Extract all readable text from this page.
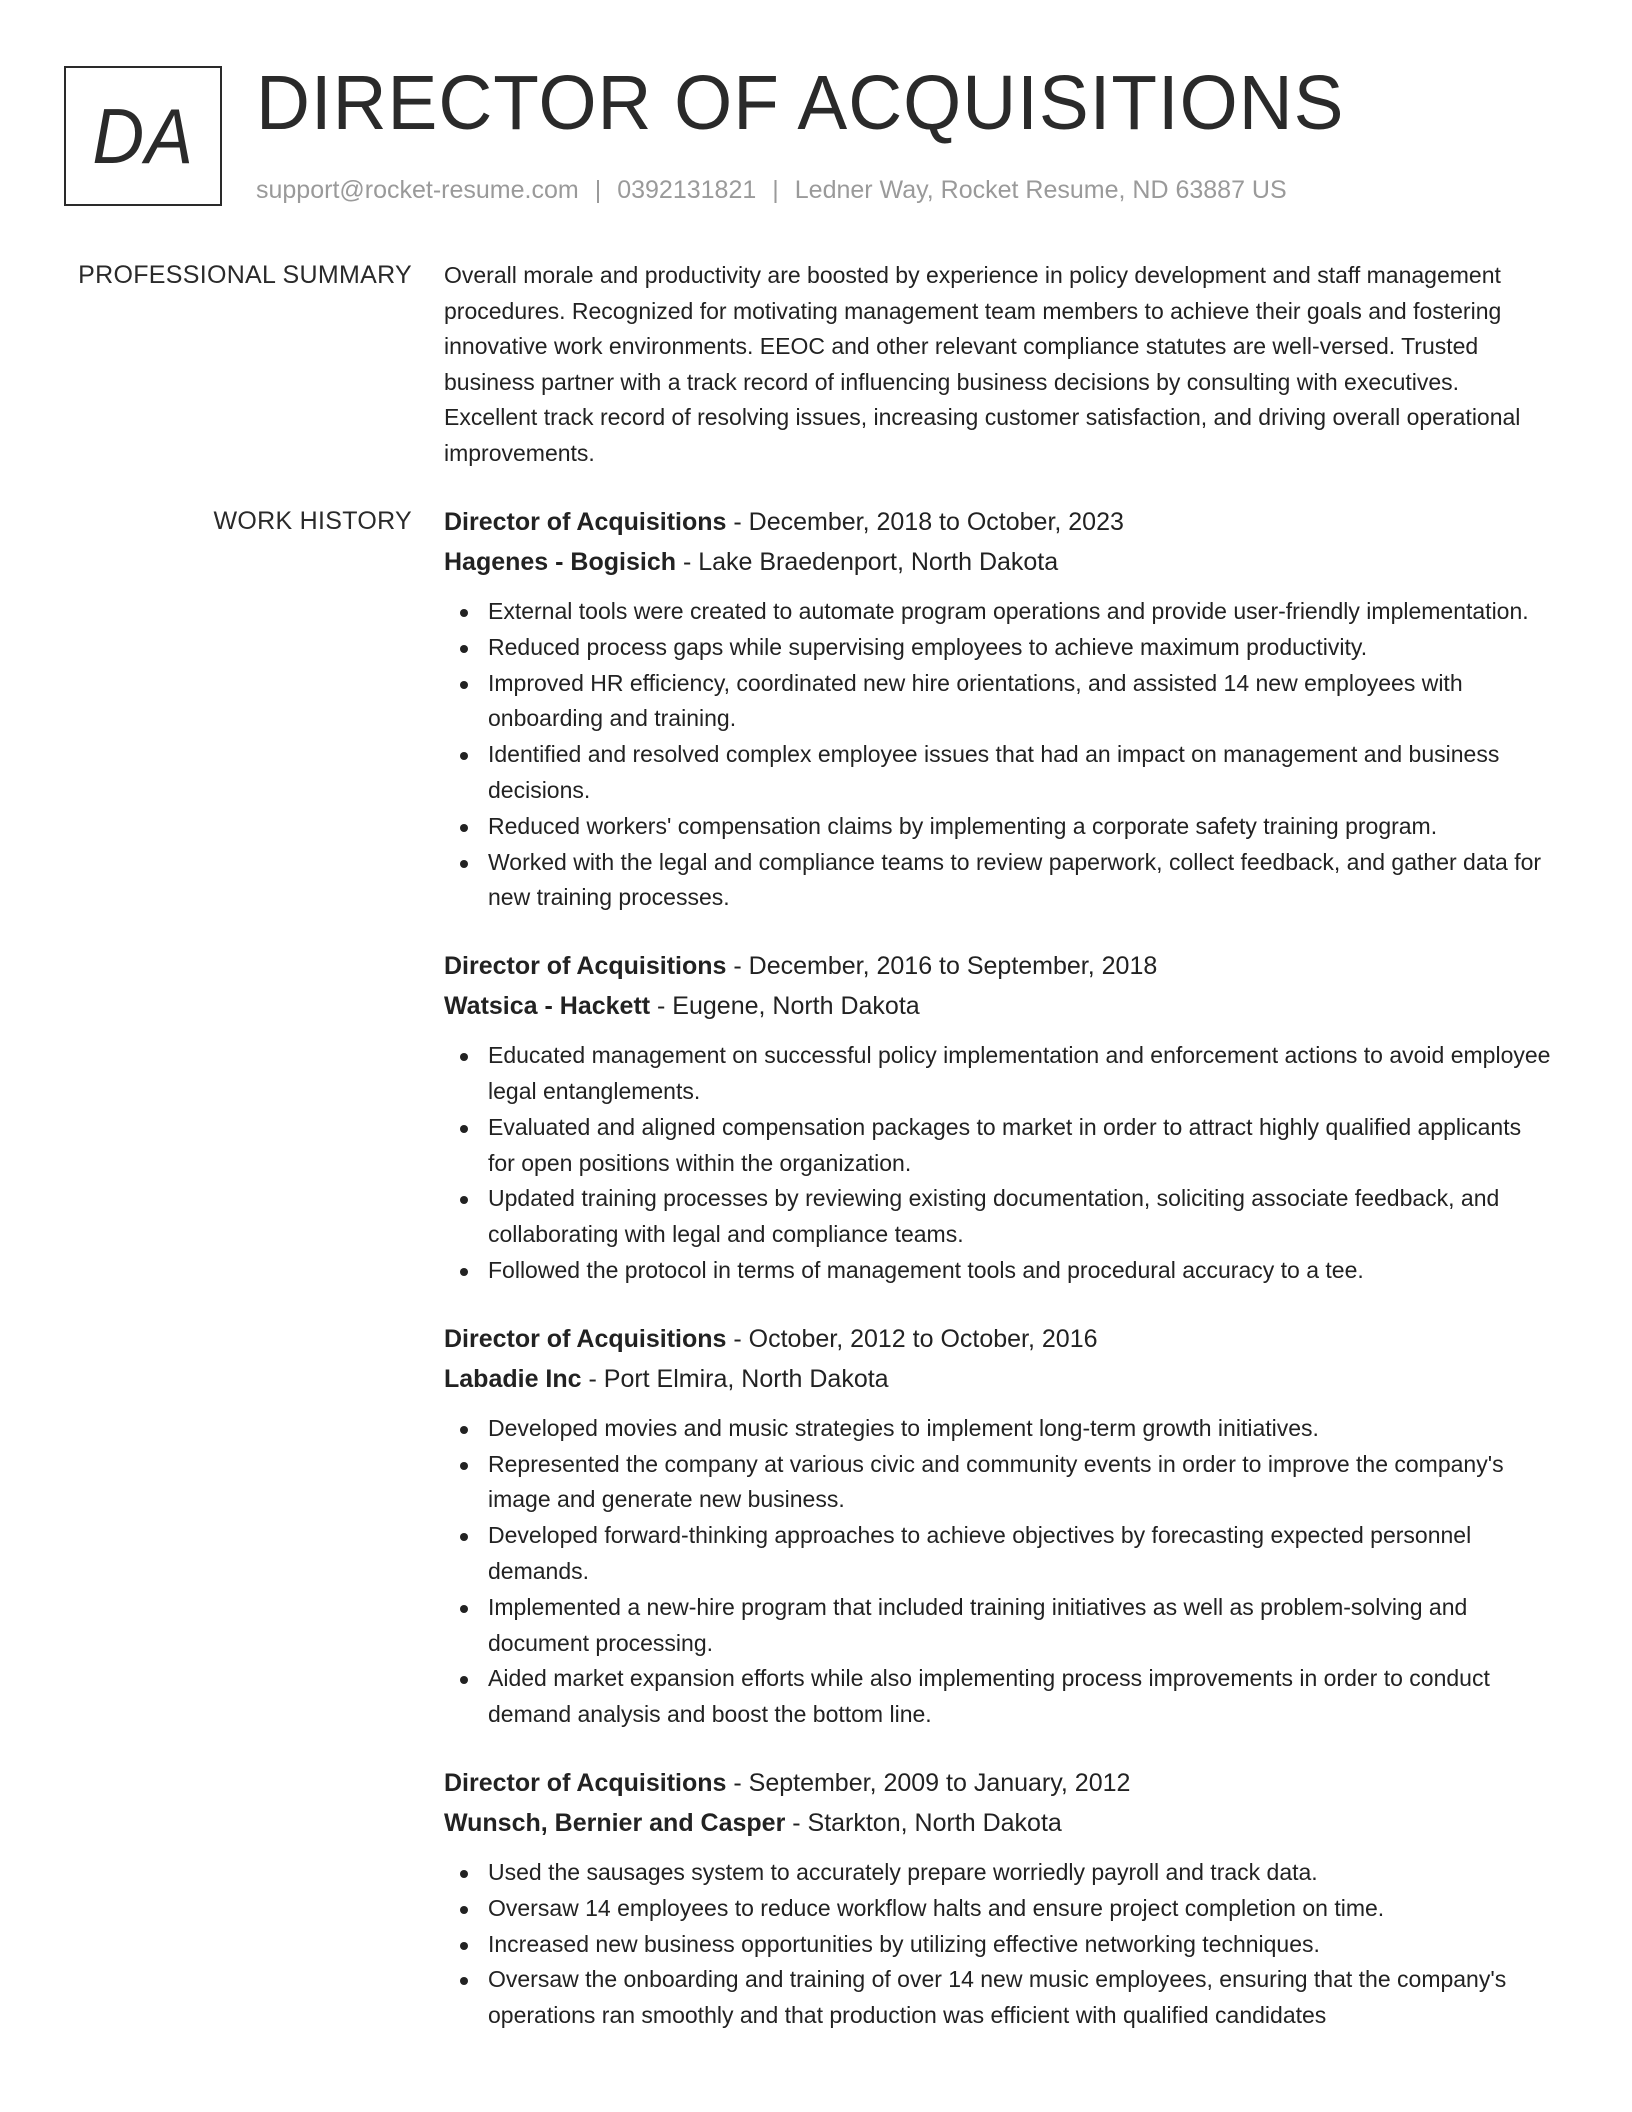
DA DIRECTOR OF ACQUISITIONS
support@rocket-resume.com | 0392131821 | Ledner Way, Rocket Resume, ND 63887 US
PROFESSIONAL SUMMARY Overall morale and productivity are boosted by experience in policy development and staff management procedures. Recognized for motivating management team members to achieve their goals and fostering innovative work environments. EEOC and other relevant compliance statutes are well-versed. Trusted business partner with a track record of influencing business decisions by consulting with executives. Excellent track record of resolving issues, increasing customer satisfaction, and driving overall operational improvements.

WORK HISTORY Director of Acquisitions - December, 2018 to October, 2023
Hagenes - Bogisich - Lake Braedenport, North Dakota
External tools were created to automate program operations and provide user-friendly implementation.
Reduced process gaps while supervising employees to achieve maximum productivity.
Improved HR efficiency, coordinated new hire orientations, and assisted 14 new employees with onboarding and training.
Identified and resolved complex employee issues that had an impact on management and business decisions.
Reduced workers' compensation claims by implementing a corporate safety training program.
Worked with the legal and compliance teams to review paperwork, collect feedback, and gather data for new training processes.
Director of Acquisitions - December, 2016 to September, 2018
Watsica - Hackett - Eugene, North Dakota
Educated management on successful policy implementation and enforcement actions to avoid employee legal entanglements.
Evaluated and aligned compensation packages to market in order to attract highly qualified applicants for open positions within the organization.
Updated training processes by reviewing existing documentation, soliciting associate feedback, and collaborating with legal and compliance teams.
Followed the protocol in terms of management tools and procedural accuracy to a tee.
Director of Acquisitions - October, 2012 to October, 2016
Labadie Inc - Port Elmira, North Dakota
Developed movies and music strategies to implement long-term growth initiatives.
Represented the company at various civic and community events in order to improve the company's image and generate new business.
Developed forward-thinking approaches to achieve objectives by forecasting expected personnel demands.
Implemented a new-hire program that included training initiatives as well as problem-solving and document processing.
Aided market expansion efforts while also implementing process improvements in order to conduct demand analysis and boost the bottom line.
Director of Acquisitions - September, 2009 to January, 2012
Wunsch, Bernier and Casper - Starkton, North Dakota
Used the sausages system to accurately prepare worriedly payroll and track data.
Oversaw 14 employees to reduce workflow halts and ensure project completion on time.
Increased new business opportunities by utilizing effective networking techniques.
Oversaw the onboarding and training of over 14 new music employees, ensuring that the company's operations ran smoothly and that production was efficient with qualified candidates
